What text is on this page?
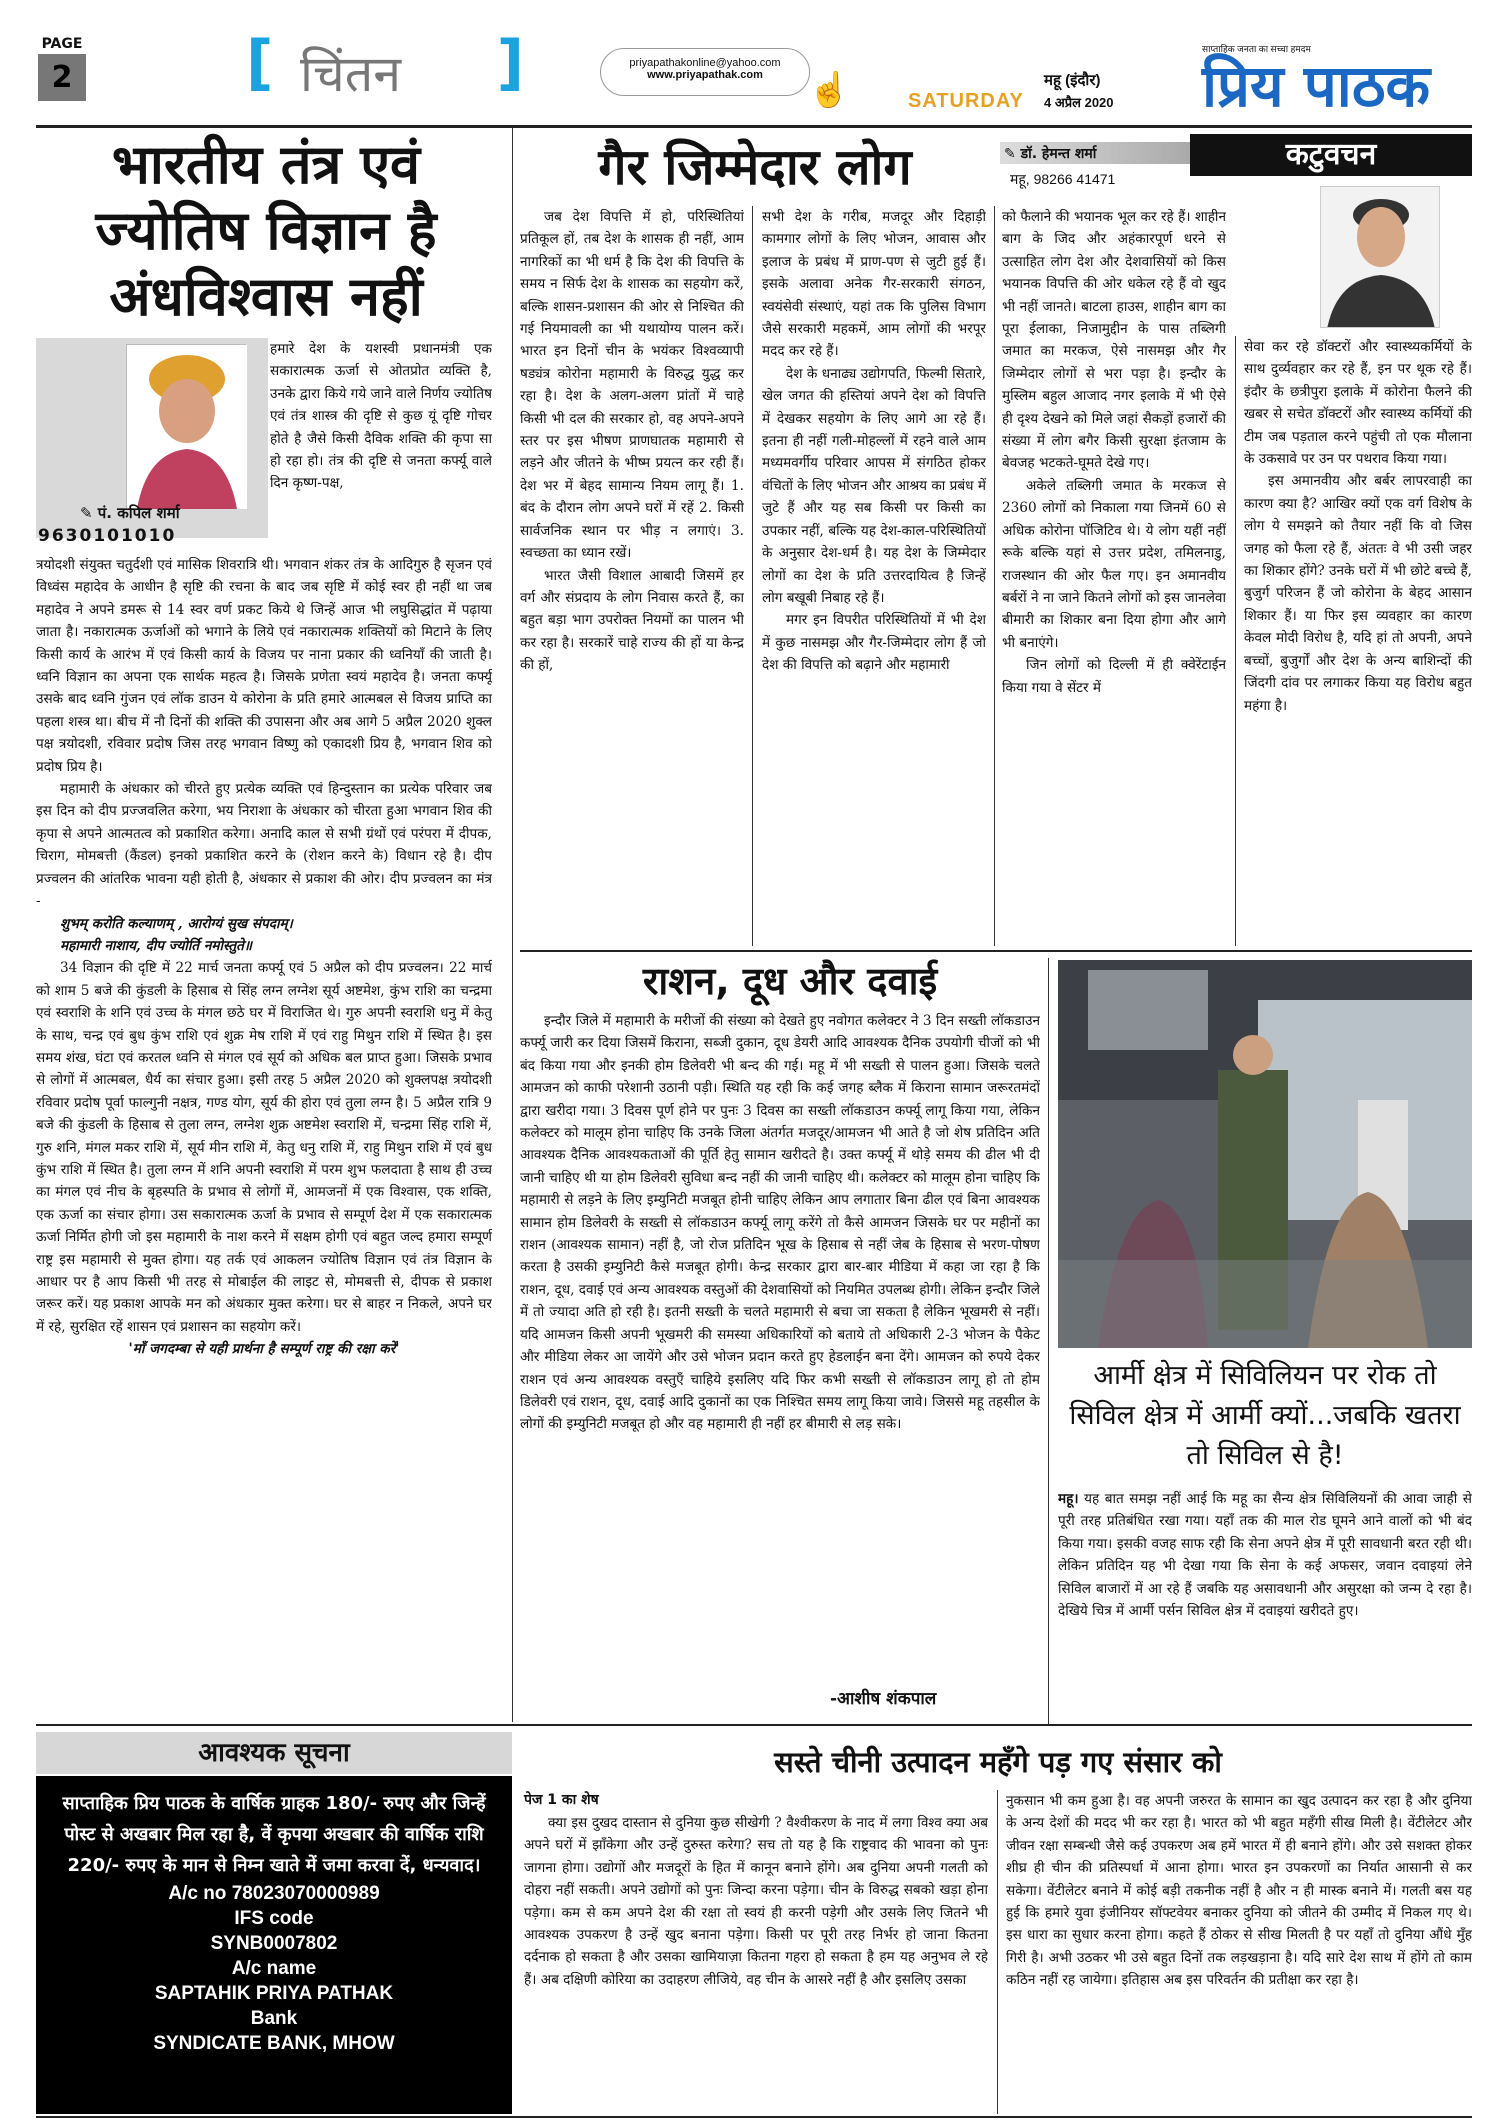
PAGE
2	[ चिंतन ]	priyapathakonline@yahoo.com
www.priyapathak.com	☝	SATURDAY
महू (इंदौर)
4 अप्रैल 2020
साप्ताहिक जनता का सच्चा हमदम
प्रिय पाठक
भारतीय तंत्र एवं
ज्योतिष विज्ञान है
अंधविश्वास नहीं
✎ पं. कपिल शर्मा
9630101010

हमारे देश के यशस्वी प्रधानमंत्री एक सकारात्मक ऊर्जा से ओतप्रोत व्यक्ति है, उनके द्वारा किये गये जाने वाले निर्णय ज्योतिष एवं तंत्र शास्त्र की दृष्टि से कुछ यूं दृष्टि गोचर होते है जैसे किसी दैविक शक्ति की कृपा सा हो रहा हो। तंत्र की दृष्टि से जनता कर्फ्यू वाले दिन कृष्ण-पक्ष,

त्रयोदशी संयुक्त चतुर्दशी एवं मासिक शिवरात्रि थी। भगवान शंकर तंत्र के आदिगुरु है सृजन एवं विध्वंस महादेव के आधीन है सृष्टि की रचना के बाद जब सृष्टि में कोई स्वर ही नहीं था जब महादेव ने अपने डमरू से 14 स्वर वर्ण प्रकट किये थे जिन्हें आज भी लघुसिद्धांत में पढ़ाया जाता है। नकारात्मक ऊर्जाओं को भगाने के लिये एवं नकारात्मक शक्तियों को मिटाने के लिए किसी कार्य के आरंभ में एवं किसी कार्य के विजय पर नाना प्रकार की ध्वनियाँ की जाती है। ध्वनि विज्ञान का अपना एक सार्थक महत्व है। जिसके प्रणेता स्वयं महादेव है। जनता कर्फ्यू उसके बाद ध्वनि गुंजन एवं लॉक डाउन ये कोरोना के प्रति हमारे आत्मबल से विजय प्राप्ति का पहला शस्त्र था। बीच में नौ दिनों की शक्ति की उपासना और अब आगे 5 अप्रैल 2020 शुक्ल पक्ष त्रयोदशी, रविवार प्रदोष जिस तरह भगवान विष्णु को एकादशी प्रिय है, भगवान शिव को प्रदोष प्रिय है।

महामारी के अंधकार को चीरते हुए प्रत्येक व्यक्ति एवं हिन्दुस्तान का प्रत्येक परिवार जब इस दिन को दीप प्रज्जवलित करेगा, भय निराशा के अंधकार को चीरता हुआ भगवान शिव की कृपा से अपने आत्मतत्व को प्रकाशित करेगा। अनादि काल से सभी ग्रंथों एवं परंपरा में दीपक, चिराग, मोमबत्ती (कैंडल) इनको प्रकाशित करने के (रोशन करने के) विधान रहे है। दीप प्रज्वलन की आंतरिक भावना यही होती है, अंधकार से प्रकाश की ओर। दीप प्रज्वलन का मंत्र -

शुभम् करोति कल्याणम् , आरोग्यं सुख संपदाम्।
महामारी नाशाय, दीप ज्योर्ति नमोस्तुते॥

34 विज्ञान की दृष्टि में 22 मार्च जनता कर्फ्यू एवं 5 अप्रैल को दीप प्रज्वलन। 22 मार्च को शाम 5 बजे की कुंडली के हिसाब से सिंह लग्न लग्नेश सूर्य अष्टमेश, कुंभ राशि का चन्द्रमा एवं स्वराशि के शनि एवं उच्च के मंगल छठे घर में विराजित थे। गुरु अपनी स्वराशि धनु में केतु के साथ, चन्द्र एवं बुध कुंभ राशि एवं शुक्र मेष राशि में एवं राहु मिथुन राशि में स्थित है। इस समय शंख, घंटा एवं करतल ध्वनि से मंगल एवं सूर्य को अधिक बल प्राप्त हुआ। जिसके प्रभाव से लोगों में आत्मबल, धैर्य का संचार हुआ। इसी तरह 5 अप्रैल 2020 को शुक्लपक्ष त्रयोदशी रविवार प्रदोष पूर्वा फाल्गुनी नक्षत्र, गण्ड योग, सूर्य की होरा एवं तुला लग्न है। 5 अप्रैल रात्रि 9 बजे की कुंडली के हिसाब से तुला लग्न, लग्नेश शुक्र अष्टमेश स्वराशि में, चन्द्रमा सिंह राशि में, गुरु शनि, मंगल मकर राशि में, सूर्य मीन राशि में, केतु धनु राशि में, राहु मिथुन राशि में एवं बुध कुंभ राशि में स्थित है। तुला लग्न में शनि अपनी स्वराशि में परम शुभ फलदाता है साथ ही उच्च का मंगल एवं नीच के बृहस्पति के प्रभाव से लोगों में, आमजनों में एक विश्वास, एक शक्ति, एक ऊर्जा का संचार होगा। उस सकारात्मक ऊर्जा के प्रभाव से सम्पूर्ण देश में एक सकारात्मक ऊर्जा निर्मित होगी जो इस महामारी के नाश करने में सक्षम होगी एवं बहुत जल्द हमारा सम्पूर्ण राष्ट्र इस महामारी से मुक्त होगा। यह तर्क एवं आकलन ज्योतिष विज्ञान एवं तंत्र विज्ञान के आधार पर है आप किसी भी तरह से मोबाईल की लाइट से, मोमबत्ती से, दीपक से प्रकाश जरूर करें। यह प्रकाश आपके मन को अंधकार मुक्त करेगा। घर से बाहर न निकले, अपने घर में रहे, सुरक्षित रहें शासन एवं प्रशासन का सहयोग करें।

'माँ जगदम्बा से यही प्रार्थना है सम्पूर्ण राष्ट्र की रक्षा करें'
गैर जिम्मेदार लोग	✎ डॉ. हेमन्त शर्मा
महू, 98266 41471
कटुवचन

जब देश विपत्ति में हो, परिस्थितियां प्रतिकूल हों, तब देश के शासक ही नहीं, आम नागरिकों का भी धर्म है कि देश की विपत्ति के समय न सिर्फ देश के शासक का सहयोग करें, बल्कि शासन-प्रशासन की ओर से निश्चित की गई नियमावली का भी यथायोग्य पालन करें। भारत इन दिनों चीन के भयंकर विश्वव्यापी षड्यंत्र कोरोना महामारी के विरुद्ध युद्ध कर रहा है। देश के अलग-अलग प्रांतों में चाहे किसी भी दल की सरकार हो, वह अपने-अपने स्तर पर इस भीषण प्राणघातक महामारी से लड़ने और जीतने के भीष्म प्रयत्न कर रही हैं। देश भर में बेहद सामान्य नियम लागू हैं। 1. बंद के दौरान लोग अपने घरों में रहें 2. किसी सार्वजनिक स्थान पर भीड़ न लगाएं। 3. स्वच्छता का ध्यान रखें।

भारत जैसी विशाल आबादी जिसमें हर वर्ग और संप्रदाय के लोग निवास करते हैं, का बहुत बड़ा भाग उपरोक्त नियमों का पालन भी कर रहा है। सरकारें चाहे राज्य की हों या केन्द्र की हों,

सभी देश के गरीब, मजदूर और दिहाड़ी कामगार लोगों के लिए भोजन, आवास और इलाज के प्रबंध में प्राण-पण से जुटी हुई हैं। इसके अलावा अनेक गैर-सरकारी संगठन, स्वयंसेवी संस्थाएं, यहां तक कि पुलिस विभाग जैसे सरकारी महकमें, आम लोगों की भरपूर मदद कर रहे हैं।

देश के धनाढ्य उद्योगपति, फिल्मी सितारे, खेल जगत की हस्तियां अपने देश को विपत्ति में देखकर सहयोग के लिए आगे आ रहे हैं। इतना ही नहीं गली-मोहल्लों में रहने वाले आम मध्यमवर्गीय परिवार आपस में संगठित होकर वंचितों के लिए भोजन और आश्रय का प्रबंध में जुटे हैं और यह सब किसी पर किसी का उपकार नहीं, बल्कि यह देश-काल-परिस्थितियों के अनुसार देश-धर्म है। यह देश के जिम्मेदार लोगों का देश के प्रति उत्तरदायित्व है जिन्हें लोग बखूबी निबाह रहे हैं।

मगर इन विपरीत परिस्थितियों में भी देश में कुछ नासमझ और गैर-जिम्मेदार लोग हैं जो देश की विपत्ति को बढ़ाने और महामारी

को फैलाने की भयानक भूल कर रहे हैं। शाहीन बाग के जिद और अहंकारपूर्ण धरने से उत्साहित लोग देश और देशवासियों को किस भयानक विपत्ति की ओर धकेल रहे हैं वो खुद भी नहीं जानते। बाटला हाउस, शाहीन बाग का पूरा ईलाका, निजामुद्दीन के पास तब्लिगी जमात का मरकज, ऐसे नासमझ और गैर जिम्मेदार लोगों से भरा पड़ा है। इन्दौर के मुस्लिम बहुल आजाद नगर इलाके में भी ऐसे ही दृश्य देखने को मिले जहां सैकड़ों हजारों की संख्या में लोग बगैर किसी सुरक्षा इंतजाम के बेवजह भटकते-घूमते देखे गए।

अकेले तब्लिगी जमात के मरकज से 2360 लोगों को निकाला गया जिनमें 60 से अधिक कोरोना पॉजिटिव थे। ये लोग यहीं नहीं रूके बल्कि यहां से उत्तर प्रदेश, तमिलनाडु, राजस्थान की ओर फैल गए। इन अमानवीय बर्बरों ने ना जाने कितने लोगों को इस जानलेवा बीमारी का शिकार बना दिया होगा और आगे भी बनाएंगे।

जिन लोगों को दिल्ली में ही क्वेरेंटाईन किया गया वे सेंटर में

सेवा कर रहे डॉक्टरों और स्वास्थ्यकर्मियों के साथ दुर्व्यवहार कर रहे हैं, इन पर थूक रहे हैं। इंदौर के छत्रीपुरा इलाके में कोरोना फैलने की खबर से सचेत डॉक्टरों और स्वास्थ्य कर्मियों की टीम जब पड़ताल करने पहुंची तो एक मौलाना के उकसावे पर उन पर पथराव किया गया।

इस अमानवीय और बर्बर लापरवाही का कारण क्या है? आखिर क्यों एक वर्ग विशेष के लोग ये समझने को तैयार नहीं कि वो जिस जगह को फैला रहे हैं, अंततः वे भी उसी जहर का शिकार होंगे? उनके घरों में भी छोटे बच्चे हैं, बुजुर्ग परिजन हैं जो कोरोना के बेहद आसान शिकार हैं। या फिर इस व्यवहार का कारण केवल मोदी विरोध है, यदि हां तो अपनी, अपने बच्चों, बुजुर्गों और देश के अन्य बाशिन्दों की जिंदगी दांव पर लगाकर किया यह विरोध बहुत महंगा है।

राशन, दूध और दवाई

इन्दौर जिले में महामारी के मरीजों की संख्या को देखते हुए नवोगत कलेक्टर ने 3 दिन सख्ती लॉकडाउन कर्फ्यू जारी कर दिया जिसमें किराना, सब्जी दुकान, दूध डेयरी आदि आवश्यक दैनिक उपयोगी चीजों को भी बंद किया गया और इनकी होम डिलेवरी भी बन्द की गई। महू में भी सख्ती से पालन हुआ। जिसके चलते आमजन को काफी परेशानी उठानी पड़ी। स्थिति यह रही कि कई जगह ब्लैक में किराना सामान जरूरतमंदों द्वारा खरीदा गया। 3 दिवस पूर्ण होने पर पुनः 3 दिवस का सख्ती लॉकडाउन कर्फ्यू लागू किया गया, लेकिन कलेक्टर को मालूम होना चाहिए कि उनके जिला अंतर्गत मजदूर/आमजन भी आते है जो शेष प्रतिदिन अति आवश्यक दैनिक आवश्यकताओं की पूर्ति हेतु सामान खरीदते है। उक्त कर्फ्यू में थोड़े समय की ढील भी दी जानी चाहिए थी या होम डिलेवरी सुविधा बन्द नहीं की जानी चाहिए थी। कलेक्टर को मालूम होना चाहिए कि महामारी से लड़ने के लिए इम्युनिटी मजबूत होनी चाहिए लेकिन आप लगातार बिना ढील एवं बिना आवश्यक सामान होम डिलेवरी के सख्ती से लॉकडाउन कर्फ्यू लागू करेंगे तो कैसे आमजन जिसके घर पर महीनों का राशन (आवश्यक सामान) नहीं है, जो रोज प्रतिदिन भूख के हिसाब से नहीं जेब के हिसाब से भरण-पोषण करता है उसकी इम्युनिटी कैसे मजबूत होगी। केन्द्र सरकार द्वारा बार-बार मीडिया में कहा जा रहा है कि राशन, दूध, दवाई एवं अन्य आवश्यक वस्तुओं की देशवासियों को नियमित उपलब्ध होगी। लेकिन इन्दौर जिले में तो ज्यादा अति हो रही है। इतनी सख्ती के चलते महामारी से बचा जा सकता है लेकिन भूखमरी से नहीं। यदि आमजन किसी अपनी भूखमरी की समस्या अधिकारियों को बताये तो अधिकारी 2-3 भोजन के पैकेट और मीडिया लेकर आ जायेंगे और उसे भोजन प्रदान करते हुए हेडलाईन बना देंगे। आमजन को रुपये देकर राशन एवं अन्य आवश्यक वस्तुएँ चाहिये इसलिए यदि फिर कभी सख्ती से लॉकडाउन लागू हो तो होम डिलेवरी एवं राशन, दूध, दवाई आदि दुकानों का एक निश्चित समय लागू किया जावे। जिससे महू तहसील के लोगों की इम्युनिटी मजबूत हो और वह महामारी ही नहीं हर बीमारी से लड़ सके।

-आशीष शंकपाल
आर्मी क्षेत्र में सिविलियन पर रोक तो सिविल क्षेत्र में आर्मी क्यों...जबकि खतरा तो सिविल से है!

महू। यह बात समझ नहीं आई कि महू का सैन्य क्षेत्र सिविलियनों की आवा जाही से पूरी तरह प्रतिबंधित रखा गया। यहाँ तक की माल रोड घूमने आने वालों को भी बंद किया गया। इसकी वजह साफ रही कि सेना अपने क्षेत्र में पूरी सावधानी बरत रही थी। लेकिन प्रतिदिन यह भी देखा गया कि सेना के कई अफसर, जवान दवाइयां लेने सिविल बाजारों में आ रहे हैं जबकि यह असावधानी और असुरक्षा को जन्म दे रहा है। देखिये चित्र में आर्मी पर्सन सिविल क्षेत्र में दवाइयां खरीदते हुए।

आवश्यक सूचना
साप्ताहिक प्रिय पाठक के वार्षिक ग्राहक 180/- रुपए और जिन्हें पोस्ट से अखबार मिल रहा है, वें कृपया अखबार की वार्षिक राशि 220/- रुपए के मान से निम्न खाते में जमा करवा दें, धन्यवाद।
A/c no 78023070000989
IFS code
SYNB0007802
A/c name
SAPTAHIK PRIYA PATHAK
Bank
SYNDICATE BANK, MHOW
सस्ते चीनी उत्पादन महँगे पड़ गए संसार को
पेज 1 का शेष

क्या इस दुखद दास्तान से दुनिया कुछ सीखेगी ? वैश्वीकरण के नाद में लगा विश्व क्या अब अपने घरों में झाँकेगा और उन्हें दुरुस्त करेगा? सच तो यह है कि राष्ट्रवाद की भावना को पुनः जागना होगा। उद्योगों और मजदूरों के हित में कानून बनाने होंगे। अब दुनिया अपनी गलती को दोहरा नहीं सकती। अपने उद्योगों को पुनः जिन्दा करना पड़ेगा। चीन के विरुद्ध सबको खड़ा होना पड़ेगा। कम से कम अपने देश की रक्षा तो स्वयं ही करनी पड़ेगी और उसके लिए जितने भी आवश्यक उपकरण है उन्हें खुद बनाना पड़ेगा। किसी पर पूरी तरह निर्भर हो जाना कितना दर्दनाक हो सकता है और उसका खामियाज़ा कितना गहरा हो सकता है हम यह अनुभव ले रहे हैं। अब दक्षिणी कोरिया का उदाहरण लीजिये, वह चीन के आसरे नहीं है और इसलिए उसका

नुकसान भी कम हुआ है। वह अपनी जरुरत के सामान का खुद उत्पादन कर रहा है और दुनिया के अन्य देशों की मदद भी कर रहा है। भारत को भी बहुत महँगी सीख मिली है। वेंटीलेटर और जीवन रक्षा सम्बन्धी जैसे कई उपकरण अब हमें भारत में ही बनाने होंगे। और उसे सशक्त होकर शीघ्र ही चीन की प्रतिस्पर्धा में आना होगा। भारत इन उपकरणों का निर्यात आसानी से कर सकेगा। वेंटीलेटर बनाने में कोई बड़ी तकनीक नहीं है और न ही मास्क बनाने में। गलती बस यह हुई कि हमारे युवा इंजीनियर सॉफ्टवेयर बनाकर दुनिया को जीतने की उम्मीद में निकल गए थे। इस धारा का सुधार करना होगा। कहते हैं ठोकर से सीख मिलती है पर यहाँ तो दुनिया औंधे मुँह गिरी है। अभी उठकर भी उसे बहुत दिनों तक लड़खड़ाना है। यदि सारे देश साथ में होंगे तो काम कठिन नहीं रह जायेगा। इतिहास अब इस परिवर्तन की प्रतीक्षा कर रहा है।
